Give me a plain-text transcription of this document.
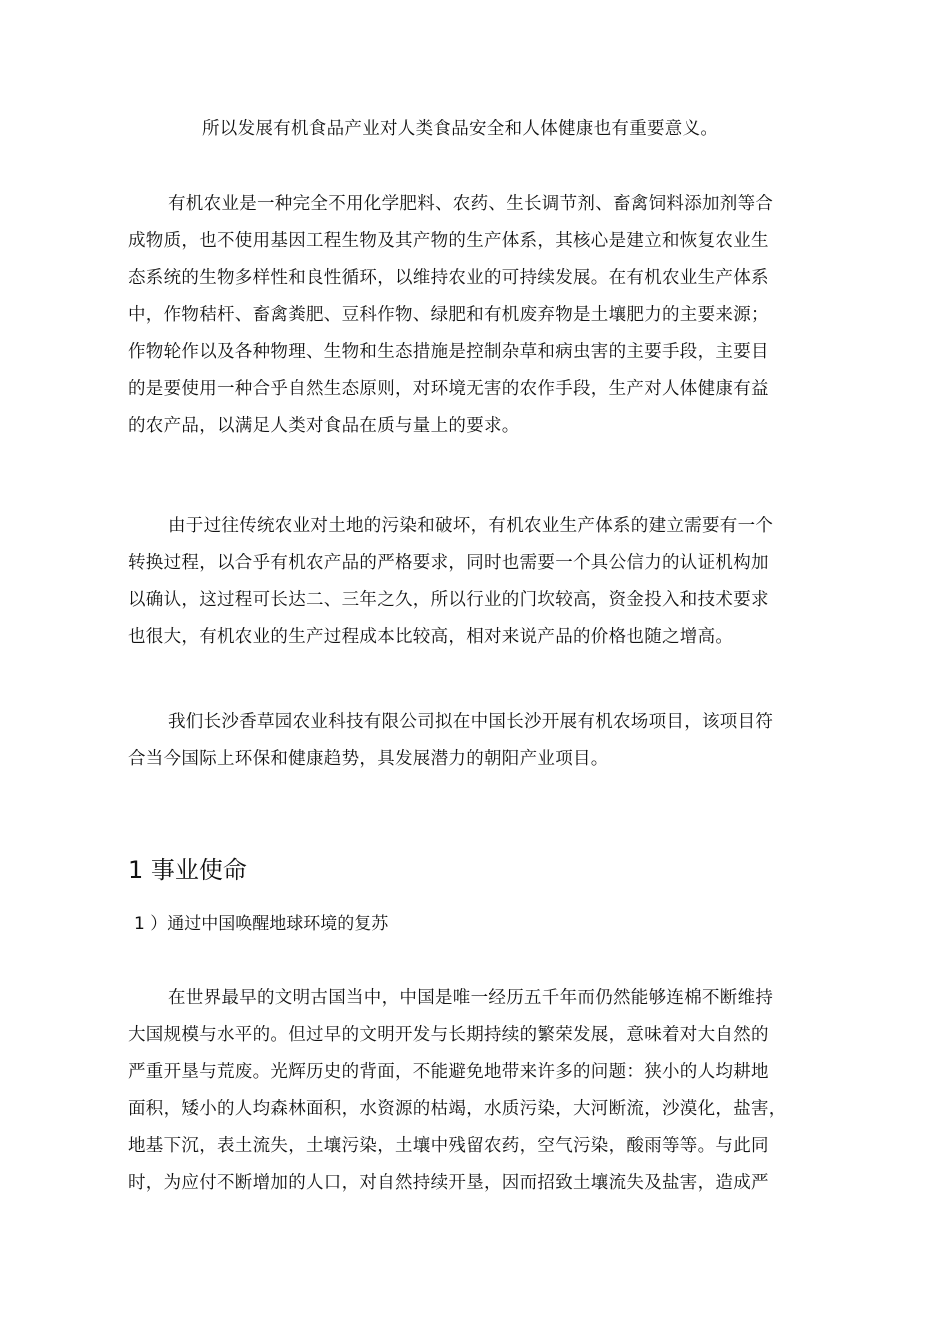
所以发展有机食品产业对人类食品安全和人体健康也有重要意义。
有机农业是一种完全不用化学肥料、农药、生长调节剂、畜禽饲料添加剂等合
成物质，也不使用基因工程生物及其产物的生产体系，其核心是建立和恢复农业生
态系统的生物多样性和良性循环，以维持农业的可持续发展。在有机农业生产体系
中，作物秸杆、畜禽粪肥、豆科作物、绿肥和有机废弃物是土壤肥力的主要来源；
作物轮作以及各种物理、生物和生态措施是控制杂草和病虫害的主要手段，主要目
的是要使用一种合乎自然生态原则，对环境无害的农作手段，生产对人体健康有益
的农产品，以满足人类对食品在质与量上的要求。
由于过往传统农业对土地的污染和破坏，有机农业生产体系的建立需要有一个
转换过程，以合乎有机农产品的严格要求，同时也需要一个具公信力的认证机构加
以确认，这过程可长达二、三年之久，所以行业的门坎较高，资金投入和技术要求
也很大，有机农业的生产过程成本比较高，相对来说产品的价格也随之增高。
我们长沙香草园农业科技有限公司拟在中国长沙开展有机农场项目，该项目符
合当今国际上环保和健康趋势，具发展潜力的朝阳产业项目。
1 事业使命
1 ）通过中国唤醒地球环境的复苏
在世界最早的文明古国当中，中国是唯一经历五千年而仍然能够连棉不断维持
大国规模与水平的。但过早的文明开发与长期持续的繁荣发展，意味着对大自然的
严重开垦与荒废。光辉历史的背面，不能避免地带来许多的问题：狭小的人均耕地
面积，矮小的人均森林面积，水资源的枯竭，水质污染，大河断流，沙漠化，盐害，
地基下沉，表土流失，土壤污染，土壤中残留农药，空气污染，酸雨等等。与此同
时，为应付不断增加的人口，对自然持续开垦，因而招致土壤流失及盐害，造成严
